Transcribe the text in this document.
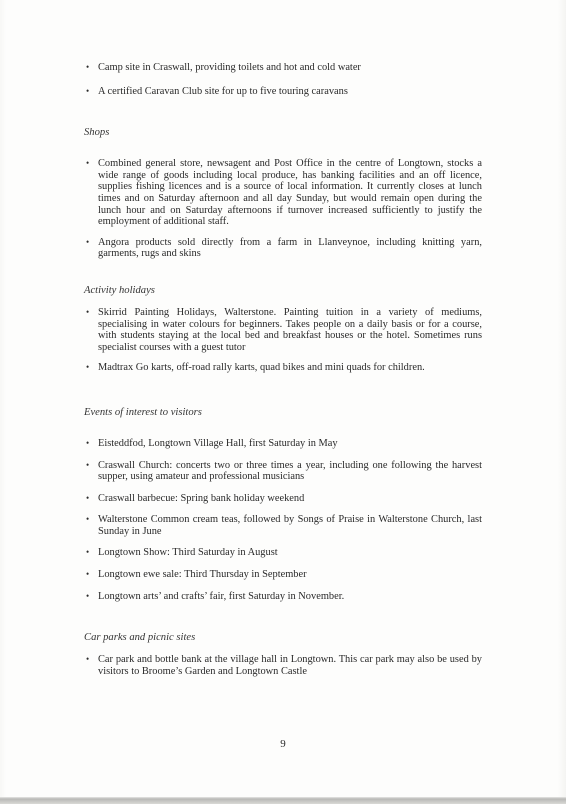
• Camp site in Craswall, providing toilets and hot and cold water
• A certified Caravan Club site for up to five touring caravans
Shops
• Combined general store, newsagent and Post Office in the centre of Longtown, stocks a wide range of goods including local produce, has banking facilities and an off licence, supplies fishing licences and is a source of local information. It currently closes at lunch times and on Saturday afternoon and all day Sunday, but would remain open during the lunch hour and on Saturday afternoons if turnover increased sufficiently to justify the employment of additional staff.
• Angora products sold directly from a farm in Llanveynoe, including knitting yarn, garments, rugs and skins
Activity holidays
• Skirrid Painting Holidays, Walterstone. Painting tuition in a variety of mediums, specialising in water colours for beginners. Takes people on a daily basis or for a course, with students staying at the local bed and breakfast houses or the hotel. Sometimes runs specialist courses with a guest tutor
• Madtrax Go karts, off-road rally karts, quad bikes and mini quads for children.
Events of interest to visitors
• Eisteddfod, Longtown Village Hall, first Saturday in May
• Craswall Church: concerts two or three times a year, including one following the harvest supper, using amateur and professional musicians
• Craswall barbecue: Spring bank holiday weekend
• Walterstone Common cream teas, followed by Songs of Praise in Walterstone Church, last Sunday in June
• Longtown Show: Third Saturday in August
• Longtown ewe sale: Third Thursday in September
• Longtown arts’ and crafts’ fair, first Saturday in November.
Car parks and picnic sites
• Car park and bottle bank at the village hall in Longtown. This car park may also be used by visitors to Broome’s Garden and Longtown Castle
9
